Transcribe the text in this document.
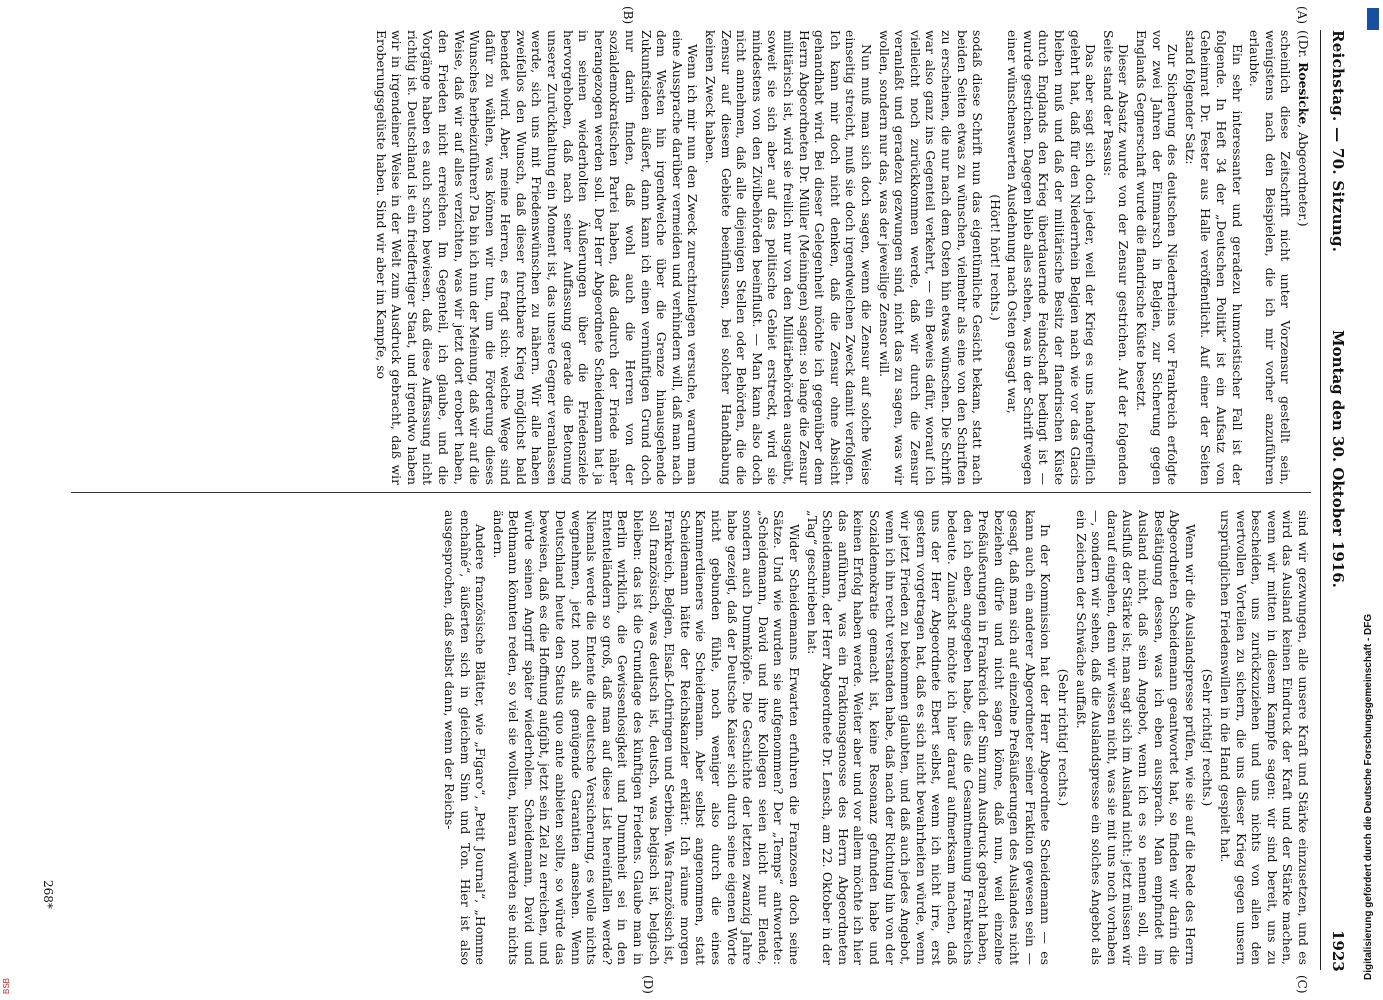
Reichstag. — 70. Sitzung.
Montag den 30. Oktober 1916.
1923
(A)
(B)
(C)
(D)

((Dr. Roesicke, Abgeordneter.)

scheinlich diese Zeitschrift nicht unter Vorzensur gestellt sein, wenigstens nach den Beispielen, die ich mir vorher anzuführen erlaubte.

Ein sehr interessanter und geradezu humoristischer Fall ist der folgende. In Heft 34 der „Deutschen Politik“ ist ein Aufsatz von Geheimrat Dr. Fester aus Halle veröffentlicht. Auf einer der Seiten stand folgender Satz:

Zur Sicherung des deutschen Niederrheins vor Frankreich erfolgte vor zwei Jahren der Einmarsch in Belgien, zur Sicherung gegen Englands Gegnerschaft wurde die flandrische Küste besetzt.

Dieser Absatz wurde von der Zensur gestrichen. Auf der folgenden Seite stand der Passus:

Das aber sagt sich doch jeder, weil der Krieg es uns handgreiflich gelehrt hat, daß für den Niederrhein Belgien nach wie vor das Glacis bleiben muß und daß der militärische Besitz der flandrischen Küste durch Englands den Krieg überdauernde Feindschaft bedingt ist — wurde gestrichen. Dagegen blieb alles stehen, was in der Schrift wegen einer wünschenswerten Ausdehnung nach Osten gesagt war,

(Hört! hört! rechts.)

sodaß diese Schrift nun das eigentümliche Gesicht bekam, statt nach beiden Seiten etwas zu wünschen, vielmehr als eine von den Schriften zu erscheinen, die nur nach dem Osten hin etwas wünschen. Die Schrift war also ganz ins Gegenteil verkehrt, — ein Beweis dafür, worauf ich vielleicht noch zurückkommen werde, daß wir durch die Zensur veranlaßt und geradezu gezwungen sind, nicht das zu sagen, was wir wollen, sondern nur das, was der jeweilige Zensor will.

Nun muß man sich doch sagen, wenn die Zensur auf solche Weise einseitig streicht, muß sie doch irgendwelchen Zweck damit verfolgen. Ich kann mir doch nicht denken, daß die Zensur ohne Absicht gehandhabt wird. Bei dieser Gelegenheit möchte ich gegenüber dem Herrn Abgeordneten Dr. Müller (Meiningen) sagen: so lange die Zensur militärisch ist, wird sie freilich nur von den Militärbehörden ausgeübt, soweit sie sich aber auf das politische Gebiet erstreckt, wird sie mindestens von den Zivilbehörden beeinflußt. — Man kann also doch nicht annehmen, daß alle diejenigen Stellen oder Behörden, die die Zensur auf diesem Gebiete beeinflussen, bei solcher Handhabung keinen Zweck haben.

Wenn ich mir nun den Zweck zurechtzulegen versuche, warum man eine Aussprache darüber vermeiden und verhindern will, daß man nach dem Westen hin irgendwelche über die Grenze hinausgehende Zukunftsideen äußert, dann kann ich einen vernünftigen Grund doch nur darin finden, daß wohl auch die Herren von der sozialdemokratischen Partei haben, daß dadurch der Friede näher herangezogen werden soll. Der Herr Abgeordnete Scheidemann hat ja in seinen wiederholten Äußerungen über die Friedensziele hervorgehoben, daß nach seiner Auffassung gerade die Betonung unserer Zurückhaltung ein Moment ist, das unsere Gegner veranlassen werde, sich uns mit Friedenswünschen zu nähern. Wir alle haben zweifellos den Wunsch, daß dieser furchtbare Krieg möglichst bald beendet wird. Aber, meine Herren, es fragt sich: welche Wege sind dafür zu wählen, was können wir tun, um die Förderung dieses Wunsches herbeizuführen? Da bin ich nun der Meinung, daß wir auf die Weise, daß wir auf alles verzichten, was wir jetzt dort erobert haben, den Frieden nicht erreichen. Im Gegenteil, ich glaube, und die Vorgänge haben es auch schon bewiesen, daß diese Auffassung nicht richtig ist. Deutschland ist ein friedfertiger Staat, und irgendwo haben wir in irgendeiner Weise in der Welt zum Ausdruck gebracht, daß wir Eroberungsgelüste haben. Sind wir aber im Kampfe, so

sind wir gezwungen, alle unsere Kraft und Stärke einzusetzen, und es wird das Ausland keinen Eindruck der Kraft und der Stärke machen, wenn wir mitten in diesem Kampfe sagen: wir sind bereit, uns zu bescheiden, uns zurückzuziehen und uns nichts von allen den wertvollen Vorteilen zu sichern, die uns dieser Krieg gegen unsern ursprünglichen Friedenswillen in die Hand gespielt hat.

(Sehr richtig! rechts.)

Wenn wir die Auslandspresse prüfen, wie sie auf die Rede des Herrn Abgeordneten Scheidemann geantwortet hat, so finden wir darin die Bestätigung dessen, was ich eben aussprach. Man empfindet im Ausland nicht, daß sein Angebot, wenn ich es so nennen soll, ein Ausfluß der Stärke ist; man sagt sich im Ausland nicht: jetzt müssen wir darauf eingehen, denn wir wissen nicht, was sie mit uns noch vorhaben —, sondern wir sehen, daß die Auslandspresse ein solches Angebot als ein Zeichen der Schwäche auffaßt.

(Sehr richtig! rechts.)

In der Kommission hat der Herr Abgeordnete Scheidemann — es kann auch ein anderer Abgeordneter seiner Fraktion gewesen sein — gesagt, daß man sich auf einzelne Preßäußerungen des Auslandes nicht beziehen dürfe und nicht sagen könne, daß nun, weil einzelne Preßäußerungen in Frankreich der Sinn zum Ausdruck gebracht haben, den ich eben angegeben habe, dies die Gesamtmeinung Frankreichs bedeute. Zunächst möchte ich hier darauf aufmerksam machen, daß uns der Herr Abgeordnete Ebert selbst, wenn ich nicht irre, erst gestern vorgetragen hat, daß es sich nicht bewahrheiten würde, wenn wir jetzt Frieden zu bekommen glaubten, und daß auch jedes Angebot, wenn ich ihn recht verstanden habe, daß nach der Richtung hin von der Sozialdemokratie gemacht ist, keine Resonanz gefunden habe und keinen Erfolg haben werde. Weiter aber und vor allem möchte ich hier das anführen, was ein Fraktionsgenosse des Herrn Abgeordneten Scheidemann, der Herr Abgeordnete Dr. Lensch, am 22. Oktober in der „Tag“ geschrieben hat:

Wider Scheidemanns Erwarten erfuhren die Franzosen doch seine Sätze. Und wie wurden sie aufgenommen? Der „Temps“ antwortete: „Scheidemann, David und ihre Kollegen seien nicht nur Elende, sondern auch Dummköpfe. Die Geschichte der letzten zwanzig Jahre habe gezeigt, daß der Deutsche Kaiser sich durch seine eigenen Worte nicht gebunden fühle, noch weniger also durch die eines Kammerdieners wie Scheidemann. Aber selbst angenommen, statt Scheidemann hätte der Reichskanzler erklärt: Ich räume morgen Frankreich, Belgien, Elsaß-Lothringen und Serbien. Was französisch ist, soll französisch, was deutsch ist, deutsch, was belgisch ist, belgisch bleiben: das ist die Grundlage des künftigen Friedens. Glaube man in Berlin wirklich, die Gewissenlosigkeit und Dummheit sei in den Ententeländern so groß, daß man auf diese List hereinfallen werde? Niemals werde die Entente die deutsche Versicherung, es wolle nichts wegnehmen, jetzt noch als genügende Garantien ansehen. Wenn Deutschland heute den Status quo ante anbieten sollte, so würde das beweisen, daß es die Hoffnung aufgibt, jetzt sein Ziel zu erreichen, und würde seinen Angriff später wiederholen. Scheidemann, David und Bethmann könnten reden, so viel sie wollten, hieran würden sie nichts ändern.

Andere französische Blätter, wie „Figaro“, „Petit Journal“, „Homme enchaîné“, äußerten sich in gleichem Sinn und Ton. Hier ist also ausgesprochen, daß selbst dann, wenn der Reichs-

268*	Digitalisierung gefördert durch die Deutsche Forschungsgemeinschaft - DFG
BSB
